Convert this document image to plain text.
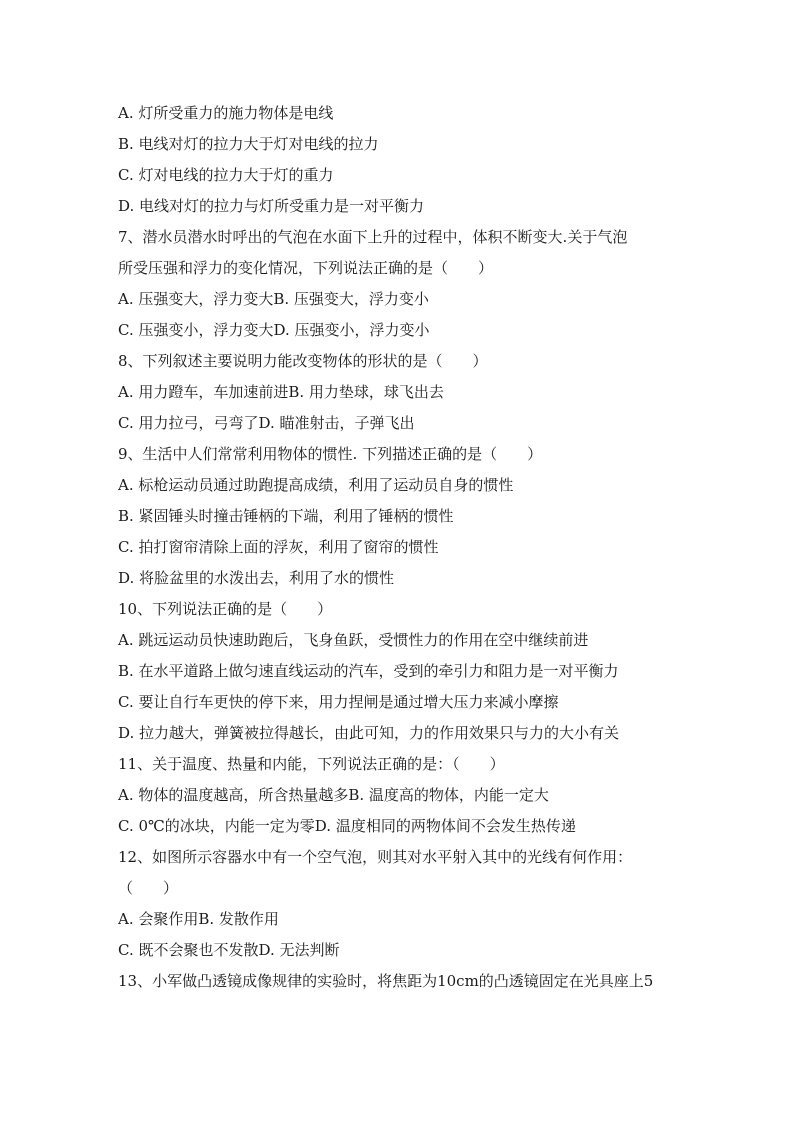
A. 灯所受重力的施力物体是电线
B. 电线对灯的拉力大于灯对电线的拉力
C. 灯对电线的拉力大于灯的重力
D. 电线对灯的拉力与灯所受重力是一对平衡力
7、潜水员潜水时呼出的气泡在水面下上升的过程中，体积不断变大.关于气泡
所受压强和浮力的变化情况，下列说法正确的是（　　）
A. 压强变大，浮力变大B. 压强变大，浮力变小
C. 压强变小，浮力变大D. 压强变小，浮力变小
8、下列叙述主要说明力能改变物体的形状的是（　　）
A. 用力蹬车，车加速前进B. 用力垫球，球飞出去
C. 用力拉弓，弓弯了D. 瞄准射击，子弹飞出
9、生活中人们常常利用物体的惯性. 下列描述正确的是（　　）
A. 标枪运动员通过助跑提高成绩，利用了运动员自身的惯性
B. 紧固锤头时撞击锤柄的下端，利用了锤柄的惯性
C. 拍打窗帘清除上面的浮灰，利用了窗帘的惯性
D. 将脸盆里的水泼出去，利用了水的惯性
10、下列说法正确的是（　　）
A. 跳远运动员快速助跑后，飞身鱼跃，受惯性力的作用在空中继续前进
B. 在水平道路上做匀速直线运动的汽车，受到的牵引力和阻力是一对平衡力
C. 要让自行车更快的停下来，用力捏闸是通过增大压力来减小摩擦
D. 拉力越大，弹簧被拉得越长，由此可知，力的作用效果只与力的大小有关
11、关于温度、热量和内能，下列说法正确的是：（　　）
A. 物体的温度越高，所含热量越多B. 温度高的物体，内能一定大
C. 0℃的冰块，内能一定为零D. 温度相同的两物体间不会发生热传递
12、如图所示容器水中有一个空气泡，则其对水平射入其中的光线有何作用：
（　　）
A. 会聚作用B. 发散作用
C. 既不会聚也不发散D. 无法判断
13、小军做凸透镜成像规律的实验时，将焦距为10cm的凸透镜固定在光具座上5
